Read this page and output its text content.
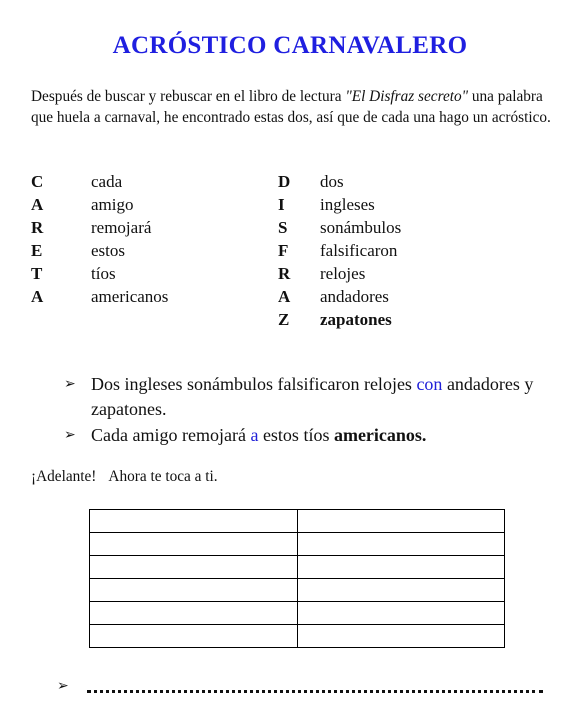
ACRÓSTICO CARNAVALERO
Después de buscar y rebuscar en el libro de lectura "El Disfraz secreto" una palabra que huela a carnaval, he encontrado estas dos, así que de cada una hago un acróstico.
C	cada
A	amigo
R	remojará
E	estos
T	tíos
A	americanos
D	dos
I	ingleses
S	sonámbulos
F	falsificaron
R	relojes
A	andadores
Z	zapatones
➢ Dos ingleses sonámbulos falsificaron relojes con andadores y zapatones.
➢ Cada amigo remojará a estos tíos americanos.
¡Adelante! Ahora te toca a ti.

➢
